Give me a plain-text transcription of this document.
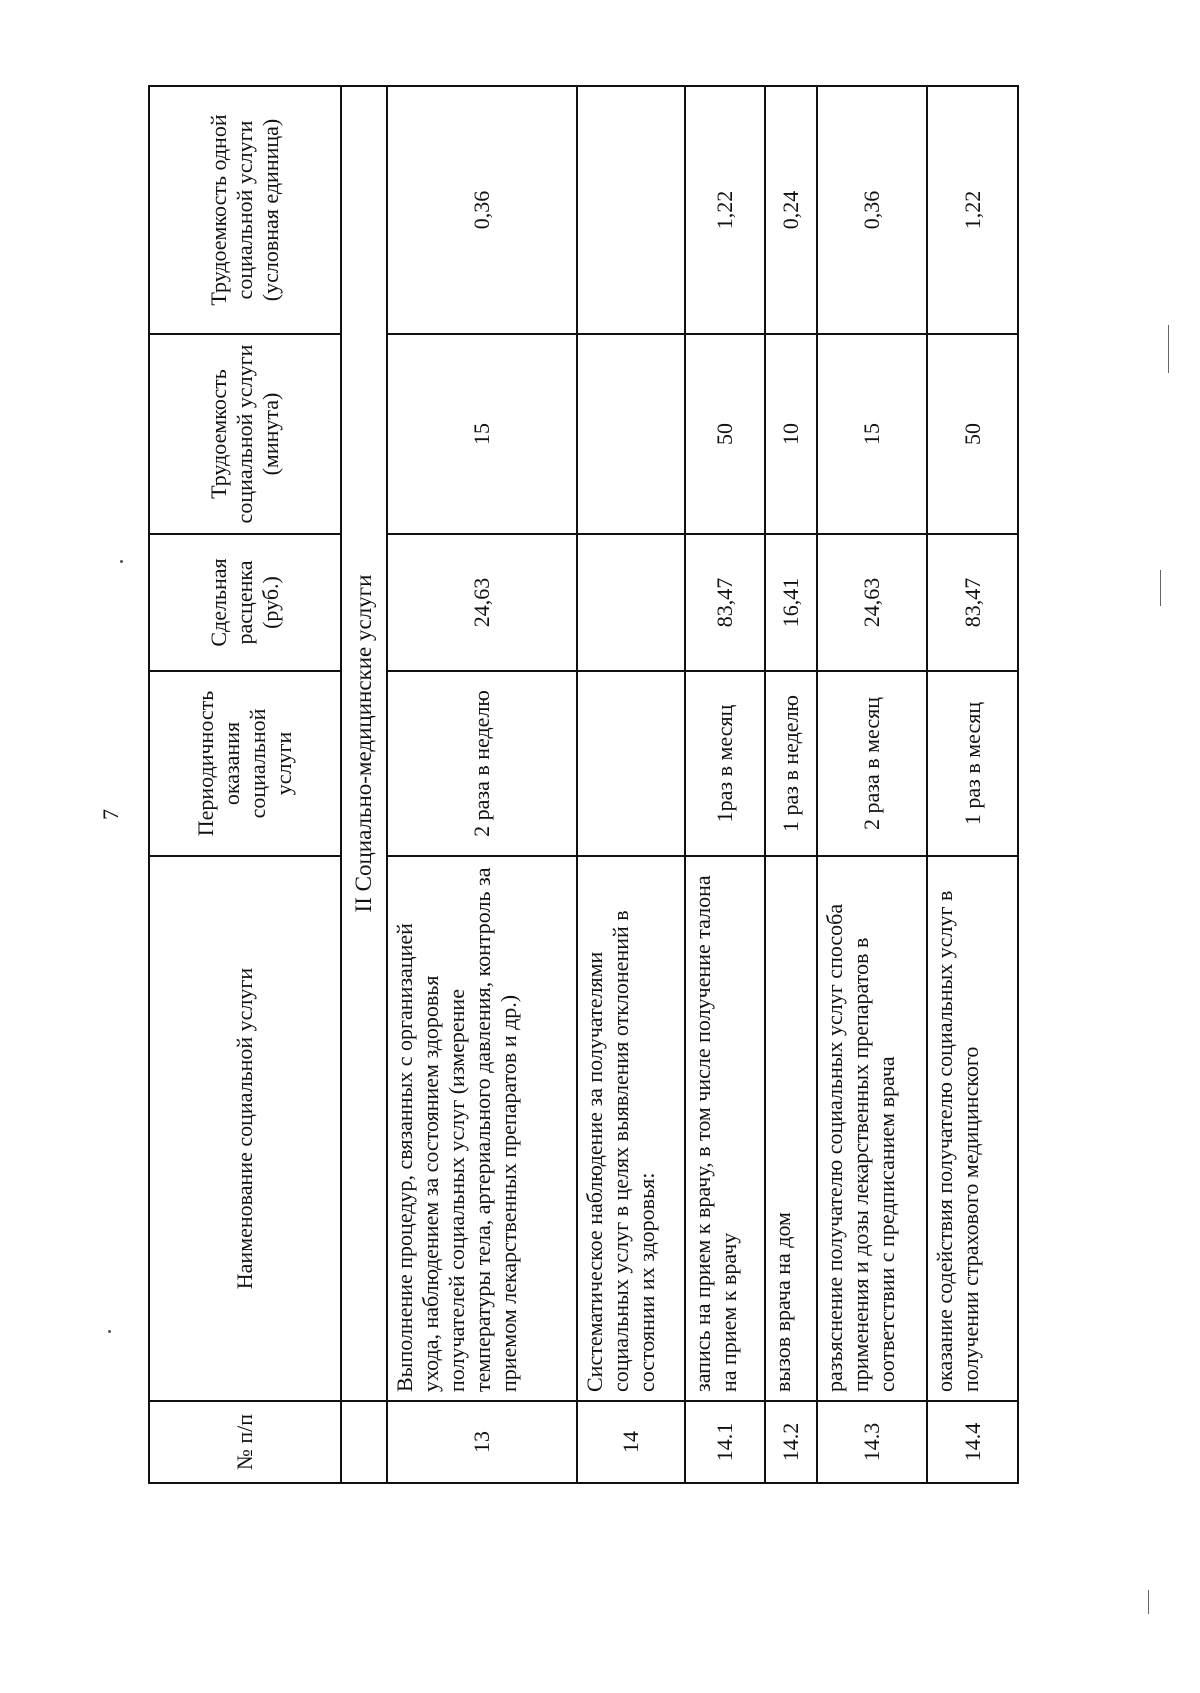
7
№ п/п	Наименование социальной услуги	Периодичность оказания социальной услуги	Сдельная расценка (руб.)	Трудоемкость социальной услуги (минута)	Трудоемкость одной социальной услуги (условная единица)
	II Социально-медицинские услуги				
13	Выполнение процедур, связанных с организацией ухода, наблюдением за состоянием здоровья получателей социальных услуг (измерение температуры тела, артериального давления, контроль за приемом лекарственных препаратов и др.)	2 раза в неделю	24,63	15	0,36
14	Систематическое наблюдение за получателями социальных услуг в целях выявления отклонений в состоянии их здоровья:				
14.1	запись на прием к врачу, в том числе получение талона на прием к врачу	1раз в месяц	83,47	50	1,22
14.2	вызов врача на дом	1 раз в неделю	16,41	10	0,24
14.3	разъяснение получателю социальных услуг способа применения и дозы лекарственных препаратов в соответствии с предписанием врача	2 раза в месяц	24,63	15	0,36
14.4	оказание содействия получателю социальных услуг в получении страхового медицинского	1 раз в месяц	83,47	50	1,22
